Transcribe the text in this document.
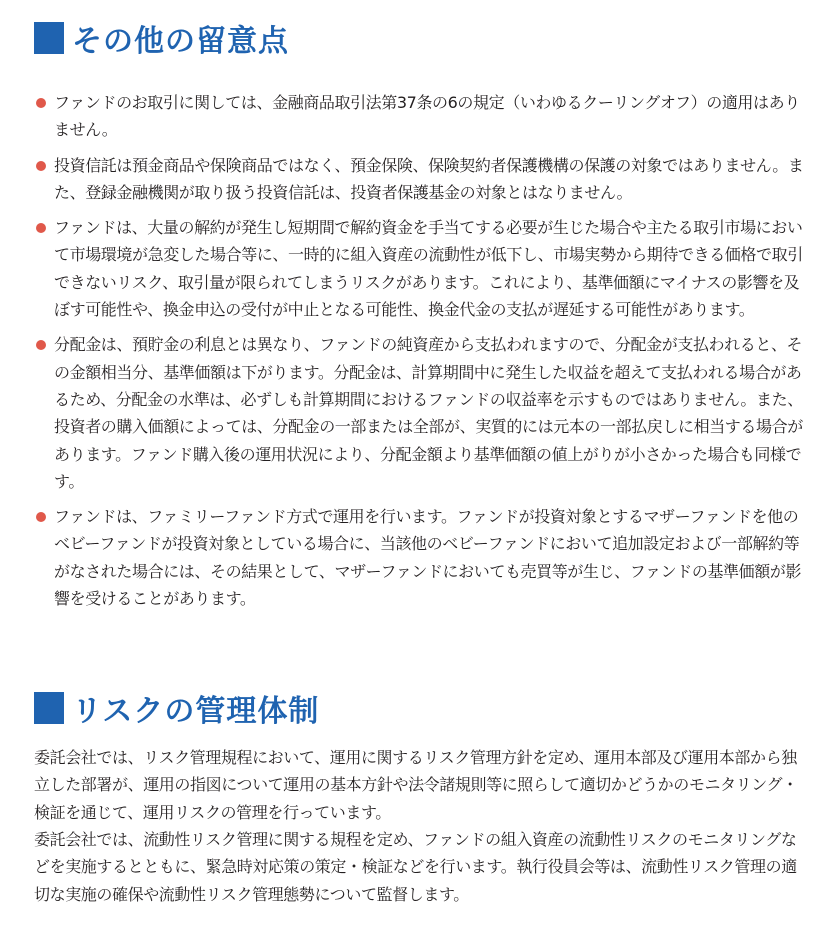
その他の留意点
ファンドのお取引に関しては、金融商品取引法第37条の6の規定（いわゆるクーリングオフ）の適用はありません。
投資信託は預金商品や保険商品ではなく、預金保険、保険契約者保護機構の保護の対象ではありません。また、登録金融機関が取り扱う投資信託は、投資者保護基金の対象とはなりません。
ファンドは、大量の解約が発生し短期間で解約資金を手当てする必要が生じた場合や主たる取引市場において市場環境が急変した場合等に、一時的に組入資産の流動性が低下し、市場実勢から期待できる価格で取引できないリスク、取引量が限られてしまうリスクがあります。これにより、基準価額にマイナスの影響を及ぼす可能性や、換金申込の受付が中止となる可能性、換金代金の支払が遅延する可能性があります。
分配金は、預貯金の利息とは異なり、ファンドの純資産から支払われますので、分配金が支払われると、その金額相当分、基準価額は下がります。分配金は、計算期間中に発生した収益を超えて支払われる場合があるため、分配金の水準は、必ずしも計算期間におけるファンドの収益率を示すものではありません。また、投資者の購入価額によっては、分配金の一部または全部が、実質的には元本の一部払戻しに相当する場合があります。ファンド購入後の運用状況により、分配金額より基準価額の値上がりが小さかった場合も同様です。
ファンドは、ファミリーファンド方式で運用を行います。ファンドが投資対象とするマザーファンドを他のベビーファンドが投資対象としている場合に、当該他のベビーファンドにおいて追加設定および一部解約等がなされた場合には、その結果として、マザーファンドにおいても売買等が生じ、ファンドの基準価額が影響を受けることがあります。
リスクの管理体制

委託会社では、リスク管理規程において、運用に関するリスク管理方針を定め、運用本部及び運用本部から独立した部署が、運用の指図について運用の基本方針や法令諸規則等に照らして適切かどうかのモニタリング・検証を通じて、運用リスクの管理を行っています。

委託会社では、流動性リスク管理に関する規程を定め、ファンドの組入資産の流動性リスクのモニタリングなどを実施するとともに、緊急時対応策の策定・検証などを行います。執行役員会等は、流動性リスク管理の適切な実施の確保や流動性リスク管理態勢について監督します。
